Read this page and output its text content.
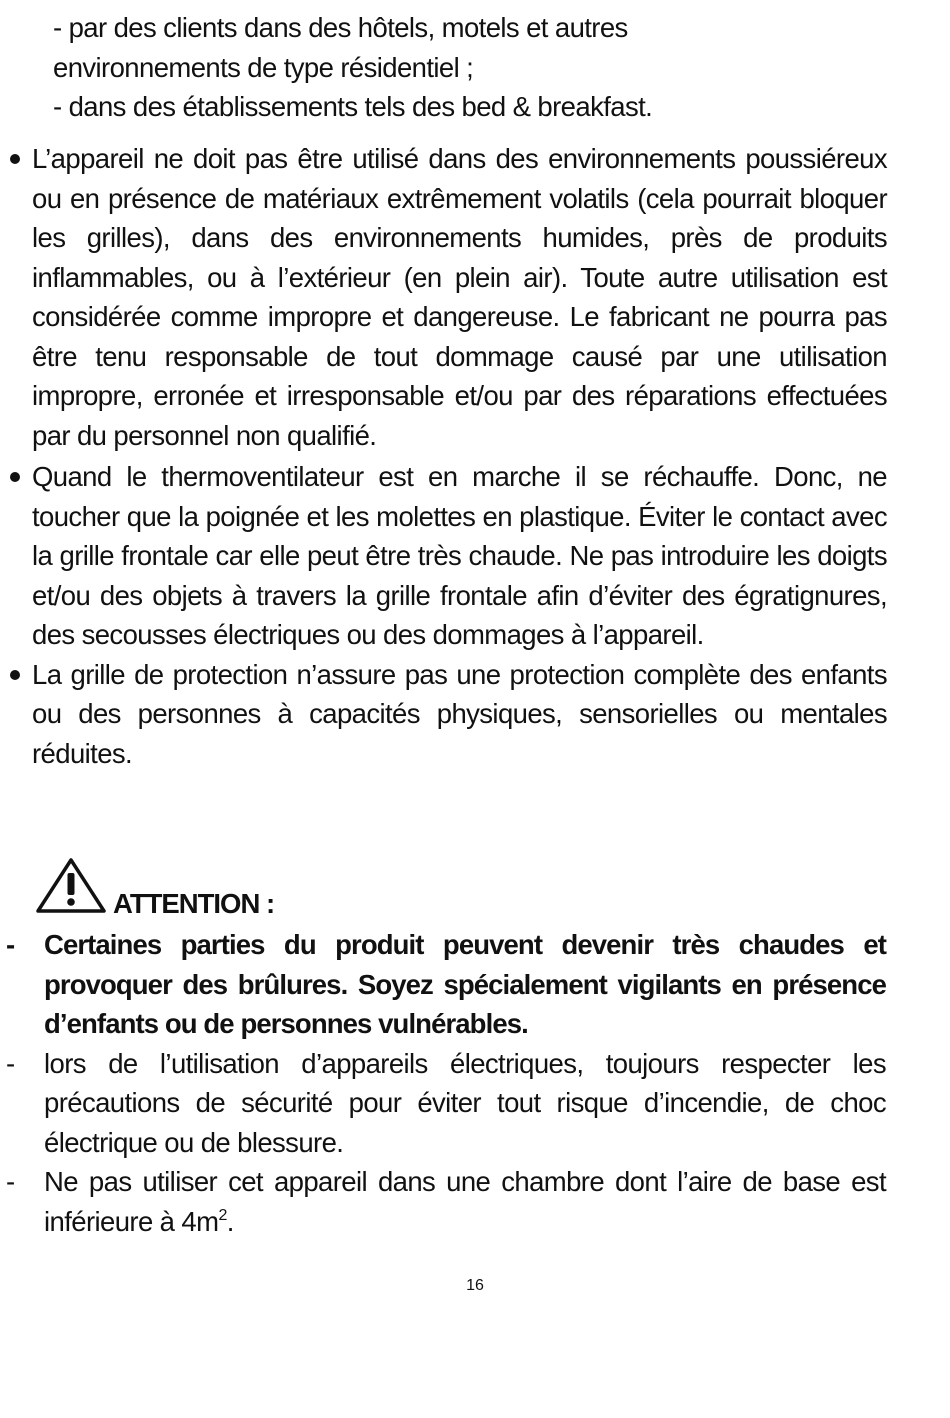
- par des clients dans des hôtels, motels et autres
environnements de type résidentiel ;
- dans des établissements tels des bed & breakfast.
L’appareil ne doit pas être utilisé dans des environnements poussiéreux ou en présence de matériaux extrêmement volatils (cela pourrait bloquer les grilles), dans des environnements humides, près de produits inflammables, ou à l’extérieur (en plein air). Toute autre utilisation est considérée comme impropre et dangereuse. Le fabricant ne pourra pas être tenu responsable de tout dommage causé par une utilisation impropre, erronée et irresponsable et/ou par des réparations effectuées par du personnel non qualifié.
Quand le thermoventilateur est en marche il se réchauffe. Donc, ne toucher que la poignée et les molettes en plastique. Éviter le contact avec la grille frontale car elle peut être très chaude. Ne pas introduire les doigts et/ou des objets à travers la grille frontale afin d’éviter des égratignures, des secousses électriques ou des dommages à l’appareil.
La grille de protection n’assure pas une protection complète des enfants ou des personnes à capacités physiques, sensorielles ou mentales réduites.
ATTENTION :
- Certaines parties du produit peuvent devenir très chaudes et provoquer des brûlures. Soyez spécialement vigilants en présence d’enfants ou de personnes vulnérables.
- lors de l’utilisation d’appareils électriques, toujours respecter les précautions de sécurité pour éviter tout risque d’incendie, de choc électrique ou de blessure.
- Ne pas utiliser cet appareil dans une chambre dont l’aire de base est inférieure à $4m^2$.
16
